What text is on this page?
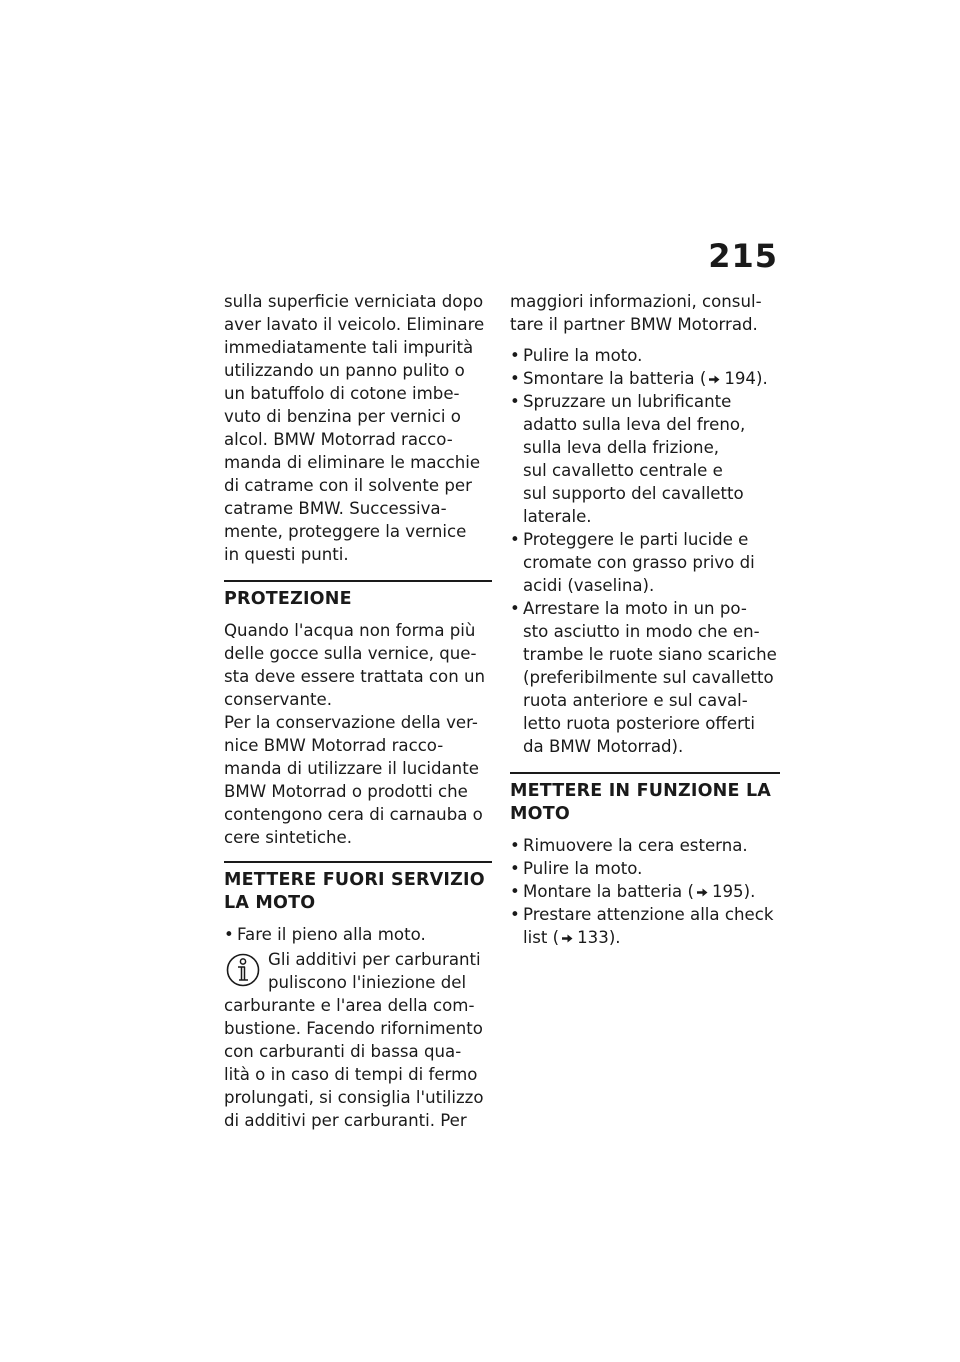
215
sulla superficie verniciata dopo
aver lavato il veicolo. Eliminare
immediatamente tali impurità
utilizzando un panno pulito o
un batuffolo di cotone imbe-
vuto di benzina per vernici o
alcol. BMW Motorrad racco-
manda di eliminare le macchie
di catrame con il solvente per
catrame BMW. Successiva-
mente, proteggere la vernice
in questi punti.
PROTEZIONE
Quando l'acqua non forma più
delle gocce sulla vernice, que-
sta deve essere trattata con un
conservante.
Per la conservazione della ver-
nice BMW Motorrad racco-
manda di utilizzare il lucidante
BMW Motorrad o prodotti che
contengono cera di carnauba o
cere sintetiche.
METTERE FUORI SERVIZIO
LA MOTO
• Fare il pieno alla moto.
Gli additivi per carburanti
puliscono l'iniezione del
carburante e l'area della com-
bustione. Facendo rifornimento
con carburanti di bassa qua-
lità o in caso di tempi di fermo
prolungati, si consiglia l'utilizzo
di additivi per carburanti. Per
maggiori informazioni, consul-
tare il partner BMW Motorrad.
• Pulire la moto.
• Smontare la batteria ( 194).
• Spruzzare un lubrificante
adatto sulla leva del freno,
sulla leva della frizione,
sul cavalletto centrale e
sul supporto del cavalletto
laterale.
• Proteggere le parti lucide e
cromate con grasso privo di
acidi (vaselina).
• Arrestare la moto in un po-
sto asciutto in modo che en-
trambe le ruote siano scariche
(preferibilmente sul cavalletto
ruota anteriore e sul caval-
letto ruota posteriore offerti
da BMW Motorrad).
METTERE IN FUNZIONE LA
MOTO
• Rimuovere la cera esterna.
• Pulire la moto.
• Montare la batteria ( 195).
• Prestare attenzione alla check
list ( 133).
